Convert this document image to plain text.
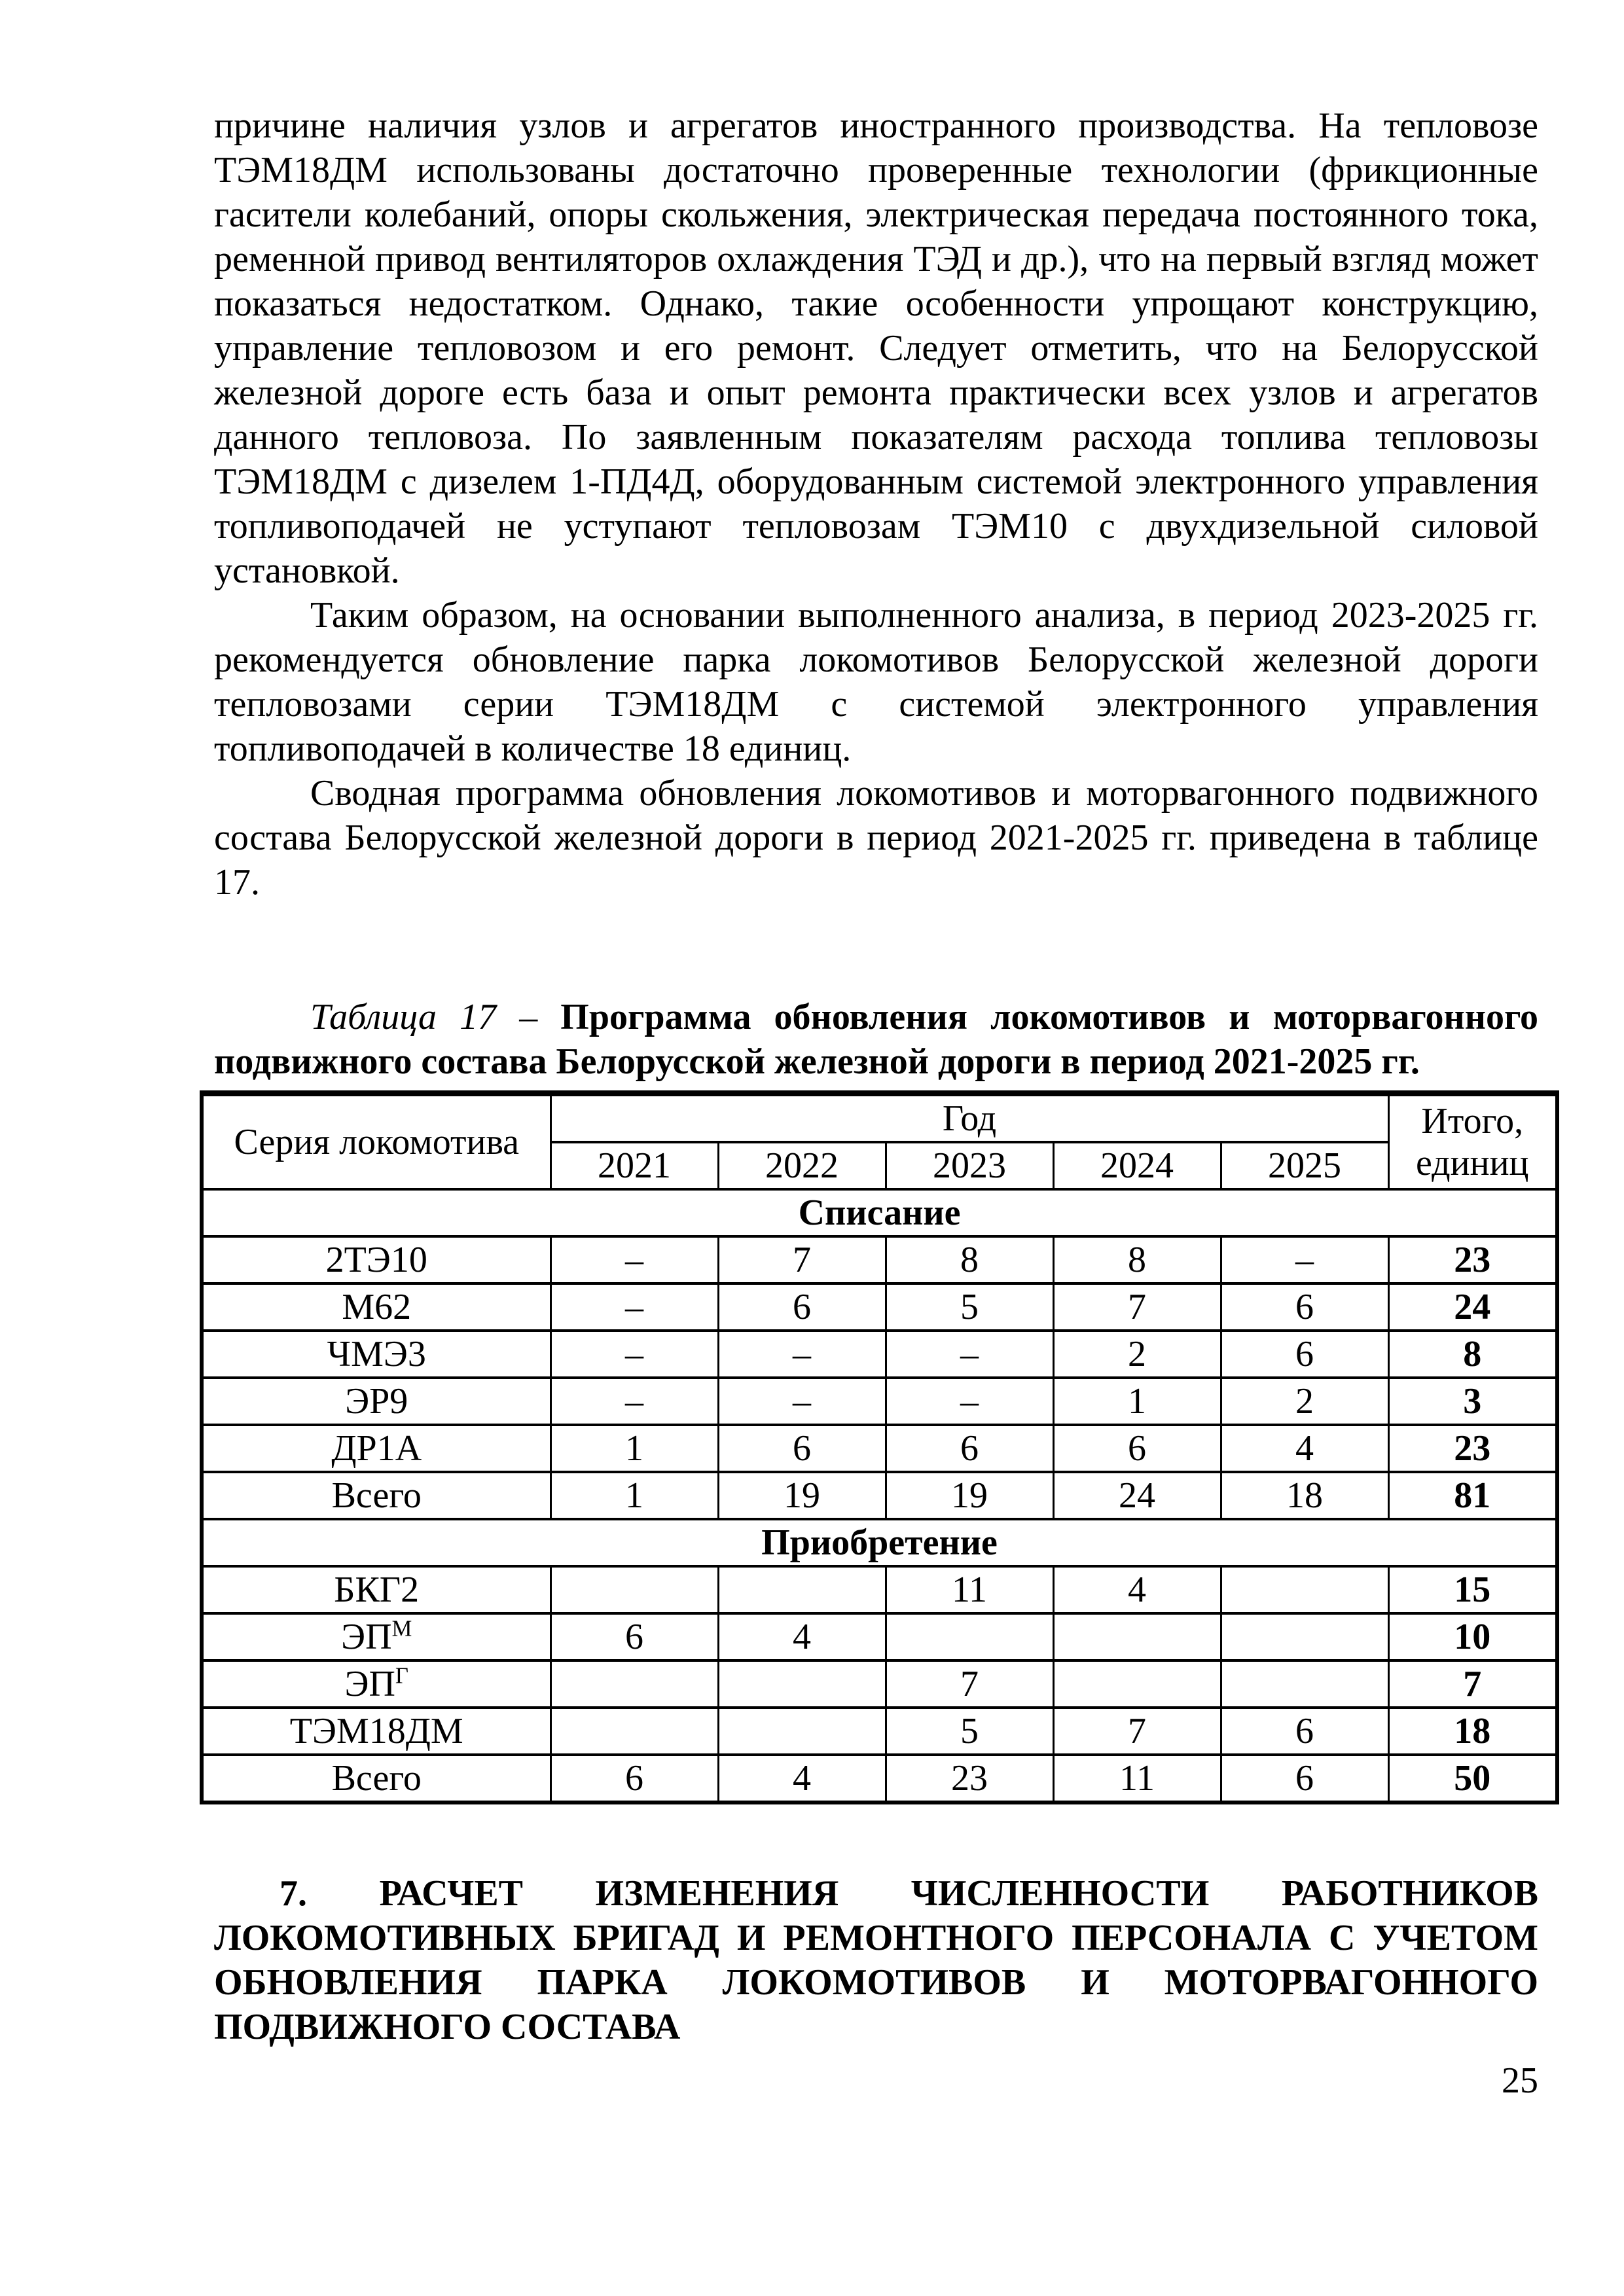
причине наличия узлов и агрегатов иностранного производства. На тепловозе ТЭМ18ДМ использованы достаточно проверенные технологии (фрикционные гасители колебаний, опоры скольжения, электрическая передача постоянного тока, ременной привод вентиляторов охлаждения ТЭД и др.), что на первый взгляд может показаться недостатком. Однако, такие особенности упрощают конструкцию, управление тепловозом и его ремонт. Следует отметить, что на Белорусской железной дороге есть база и опыт ремонта практически всех узлов и агрегатов данного тепловоза. По заявленным показателям расхода топлива тепловозы ТЭМ18ДМ с дизелем 1-ПД4Д, оборудованным системой электронного управления топливоподачей не уступают тепловозам ТЭМ10 с двухдизельной силовой установкой.

Таким образом, на основании выполненного анализа, в период 2023-2025 гг. рекомендуется обновление парка локомотивов Белорусской железной дороги тепловозами серии ТЭМ18ДМ с системой электронного управления топливоподачей в количестве 18 единиц.

Сводная программа обновления локомотивов и моторвагонного подвижного состава Белорусской железной дороги в период 2021-2025 гг. приведена в таблице 17.

Таблица 17 – Программа обновления локомотивов и моторвагонного подвижного состава Белорусской железной дороги в период 2021-2025 гг.

Серия локомотива	Год					Итого, единиц
	2021	2022	2023	2024	2025	
Списание						
2ТЭ10	–	7	8	8	–	23
М62	–	6	5	7	6	24
ЧМЭ3	–	–	–	2	6	8
ЭР9	–	–	–	1	2	3
ДР1А	1	6	6	6	4	23
Всего	1	19	19	24	18	81
Приобретение						
БКГ2			11	4		15
$ЭП^М$	6	4				10
$ЭП^Г$			7			7
ТЭМ18ДМ			5	7	6	18
Всего	6	4	23	11	6	50
7. РАСЧЕТ ИЗМЕНЕНИЯ ЧИСЛЕННОСТИ РАБОТНИКОВ ЛОКОМОТИВНЫХ БРИГАД И РЕМОНТНОГО ПЕРСОНАЛА С УЧЕТОМ ОБНОВЛЕНИЯ ПАРКА ЛОКОМОТИВОВ И МОТОРВАГОННОГО ПОДВИЖНОГО СОСТАВА

25
